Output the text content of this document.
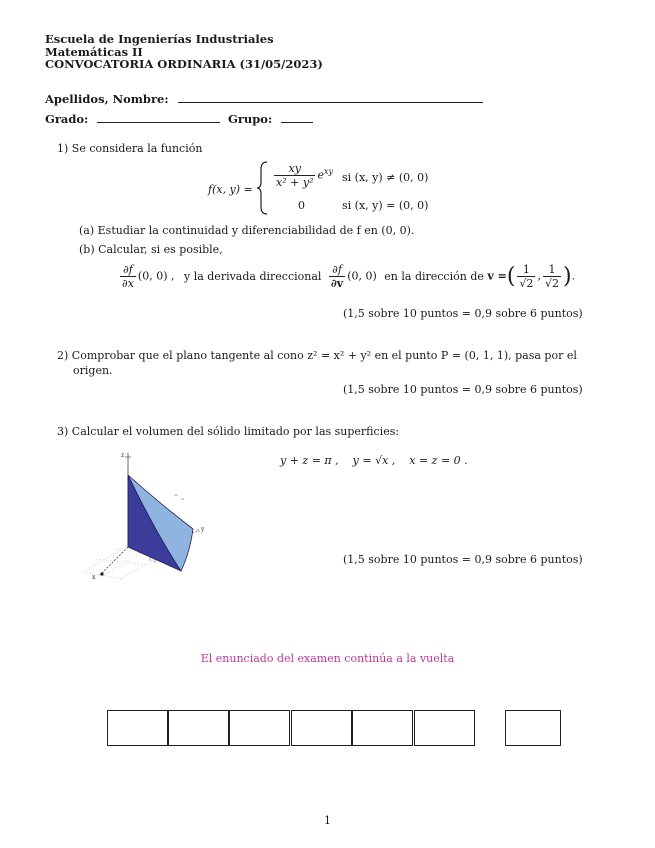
Escuela de Ingenierías Industriales
Matemáticas II
CONVOCATORIA ORDINARIA (31/05/2023)
Apellidos, Nombre:
Grado:	Grupo:
1) Se considera la función
f(x, y) =
$\frac{xy}{\text{x² + y²}} e^{xy}$ si (x, y) ≠ (0, 0)
0	si (x, y) = (0, 0)
(a) Estudiar la continuidad y diferenciabilidad de f en (0, 0).
(b) Calcular, si es posible,
$\frac{\partial f}{\partial x} (0$, 0) , y la derivada direccional $\frac{\partial f}{\partial v} (0$, 0) en la dirección de v =( $\frac{1}{√2}$ , $\frac{1}{√2}$ ).
(1,5 sobre 10 puntos = 0,9 sobre 6 puntos)
2) Comprobar que el plano tangente al cono z² = x² + y² en el punto P = (0, 1, 1), pasa por el
origen.
(1,5 sobre 10 puntos = 0,9 sobre 6 puntos)
3) Calcular el volumen del sólido limitado por las superficies:
y + z = π ,    y = √x ,    x = z = 0 .
z
x
y
(1,5 sobre 10 puntos = 0,9 sobre 6 puntos)
El enunciado del examen continúa a la vuelta
1
